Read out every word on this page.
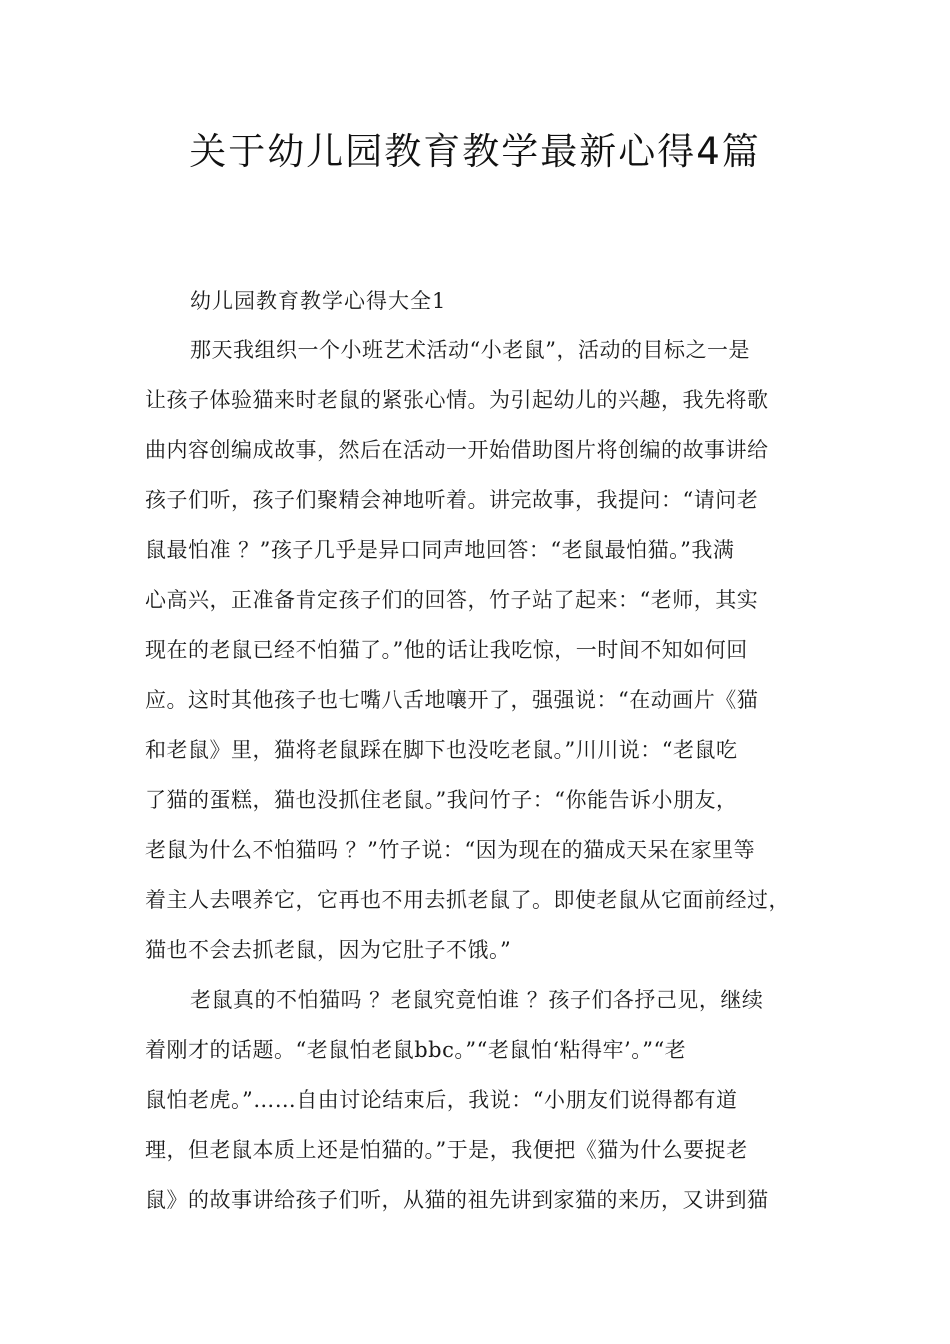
关于幼儿园教育教学最新心得4篇
幼儿园教育教学心得大全1
那天我组织一个小班艺术活动“小老鼠”，活动的目标之一是
让孩子体验猫来时老鼠的紧张心情。为引起幼儿的兴趣，我先将歌
曲内容创编成故事，然后在活动一开始借助图片将创编的故事讲给
孩子们听，孩子们聚精会神地听着。讲完故事，我提问：“请问老
鼠最怕准 ？”孩子几乎是异口同声地回答：“老鼠最怕猫。”我满
心高兴，正准备肯定孩子们的回答，竹子站了起来：“老师，其实
现在的老鼠已经不怕猫了。”他的话让我吃惊，一时间不知如何回
应。这时其他孩子也七嘴八舌地嚷开了，强强说：“在动画片《猫
和老鼠》里，猫将老鼠踩在脚下也没吃老鼠。”川川说：“老鼠吃
了猫的蛋糕，猫也没抓住老鼠。”我问竹子：“你能告诉小朋友，
老鼠为什么不怕猫吗 ？”竹子说：“因为现在的猫成天呆在家里等
着主人去喂养它，它再也不用去抓老鼠了。即使老鼠从它面前经过，
猫也不会去抓老鼠，因为它肚子不饿。”
老鼠真的不怕猫吗 ？老鼠究竟怕谁 ？孩子们各抒己见，继续
着刚才的话题。“老鼠怕老鼠bbc。”“老鼠怕‘粘得牢’。”“老
鼠怕老虎。”……自由讨论结束后，我说：“小朋友们说得都有道
理，但老鼠本质上还是怕猫的。”于是，我便把《猫为什么要捉老
鼠》的故事讲给孩子们听，从猫的祖先讲到家猫的来历，又讲到猫
